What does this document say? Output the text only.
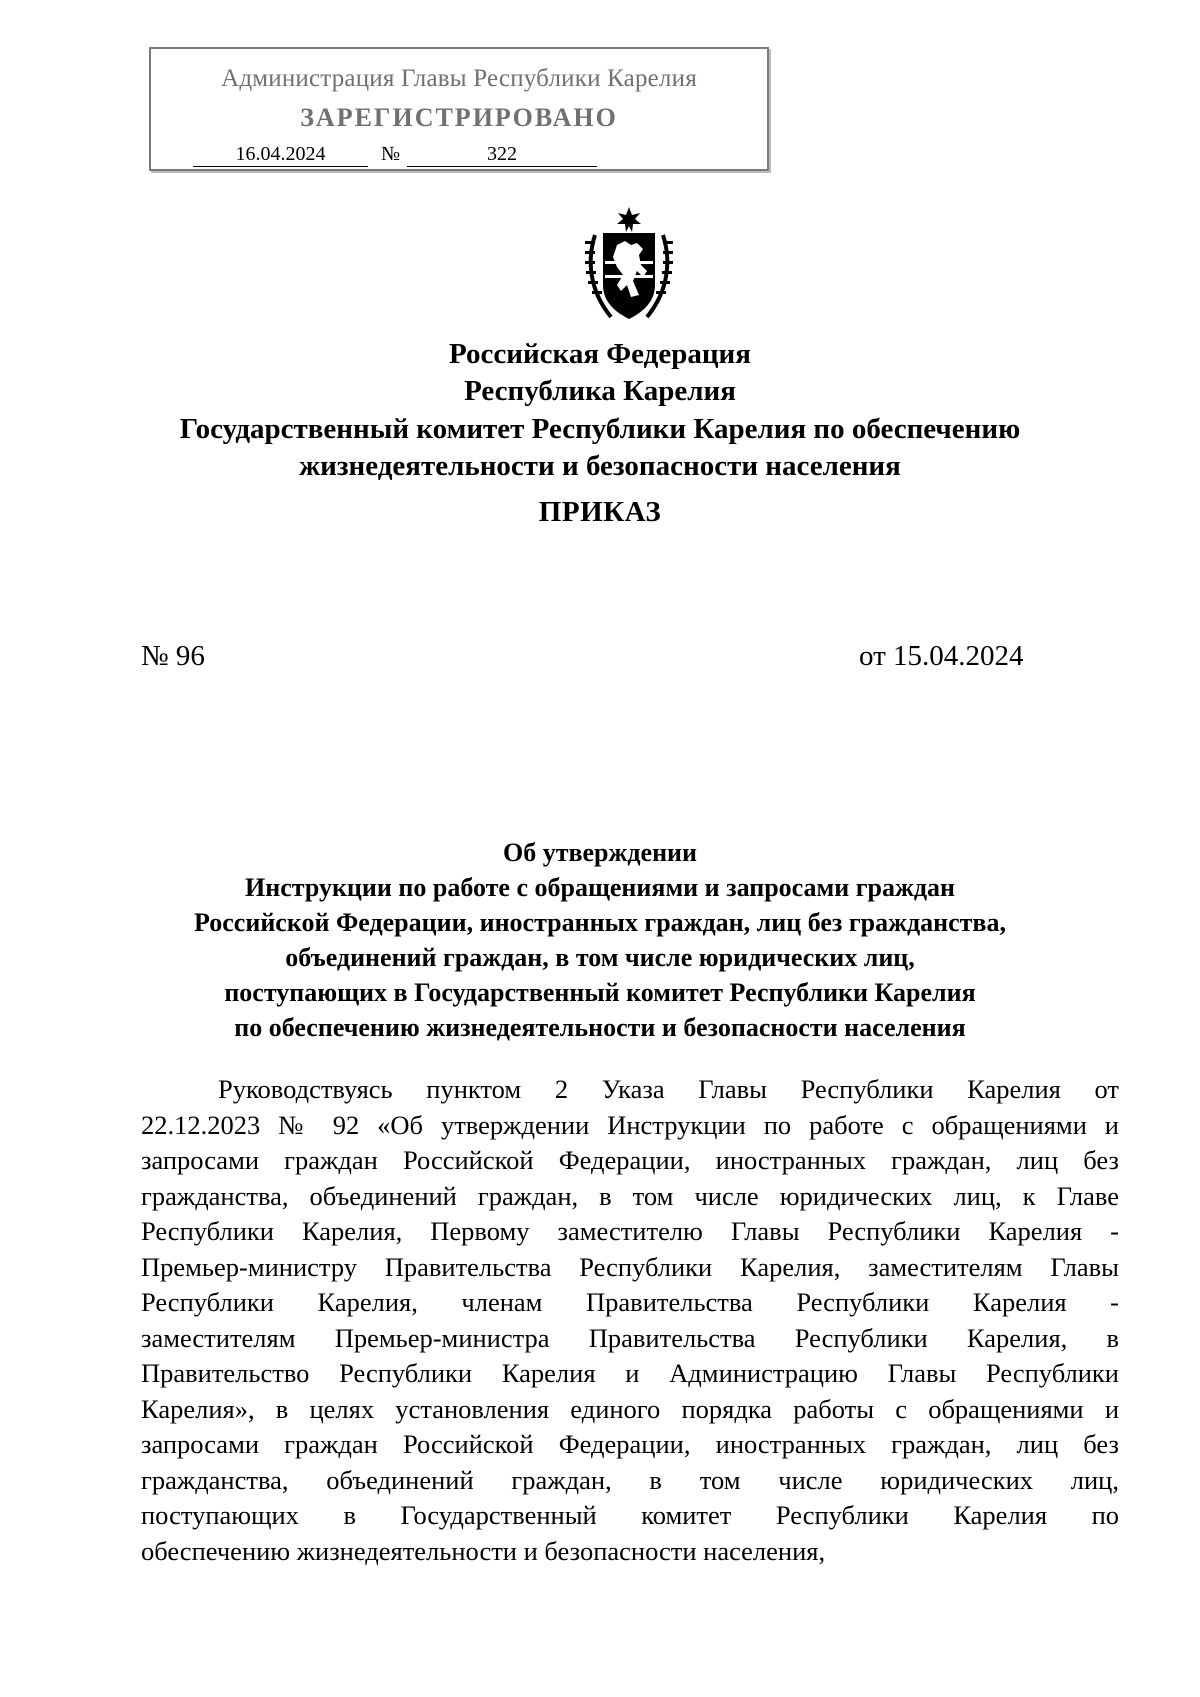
Администрация Главы Республики Карелия
ЗАРЕГИСТРИРОВАНО
16.04.2024	№	322
Российская Федерация
Республика Карелия
Государственный комитет Республики Карелия по обеспечению
жизнедеятельности и безопасности населения
ПРИКАЗ
№ 96	от 15.04.2024
Об утверждении
Инструкции по работе с обращениями и запросами граждан
Российской Федерации, иностранных граждан, лиц без гражданства,
объединений граждан, в том числе юридических лиц,
поступающих в Государственный комитет Республики Карелия
по обеспечению жизнедеятельности и безопасности населения
Руководствуясь пунктом 2 Указа Главы Республики Карелия от
22.12.2023 № 92 «Об утверждении Инструкции по работе с обращениями и
запросами граждан Российской Федерации, иностранных граждан, лиц без
гражданства, объединений граждан, в том числе юридических лиц, к Главе
Республики Карелия, Первому заместителю Главы Республики Карелия -
Премьер-министру Правительства Республики Карелия, заместителям Главы
Республики Карелия, членам Правительства Республики Карелия -
заместителям Премьер-министра Правительства Республики Карелия, в
Правительство Республики Карелия и Администрацию Главы Республики
Карелия», в целях установления единого порядка работы с обращениями и
запросами граждан Российской Федерации, иностранных граждан, лиц без
гражданства, объединений граждан, в том числе юридических лиц,
поступающих в Государственный комитет Республики Карелия по
обеспечению жизнедеятельности и безопасности населения,
